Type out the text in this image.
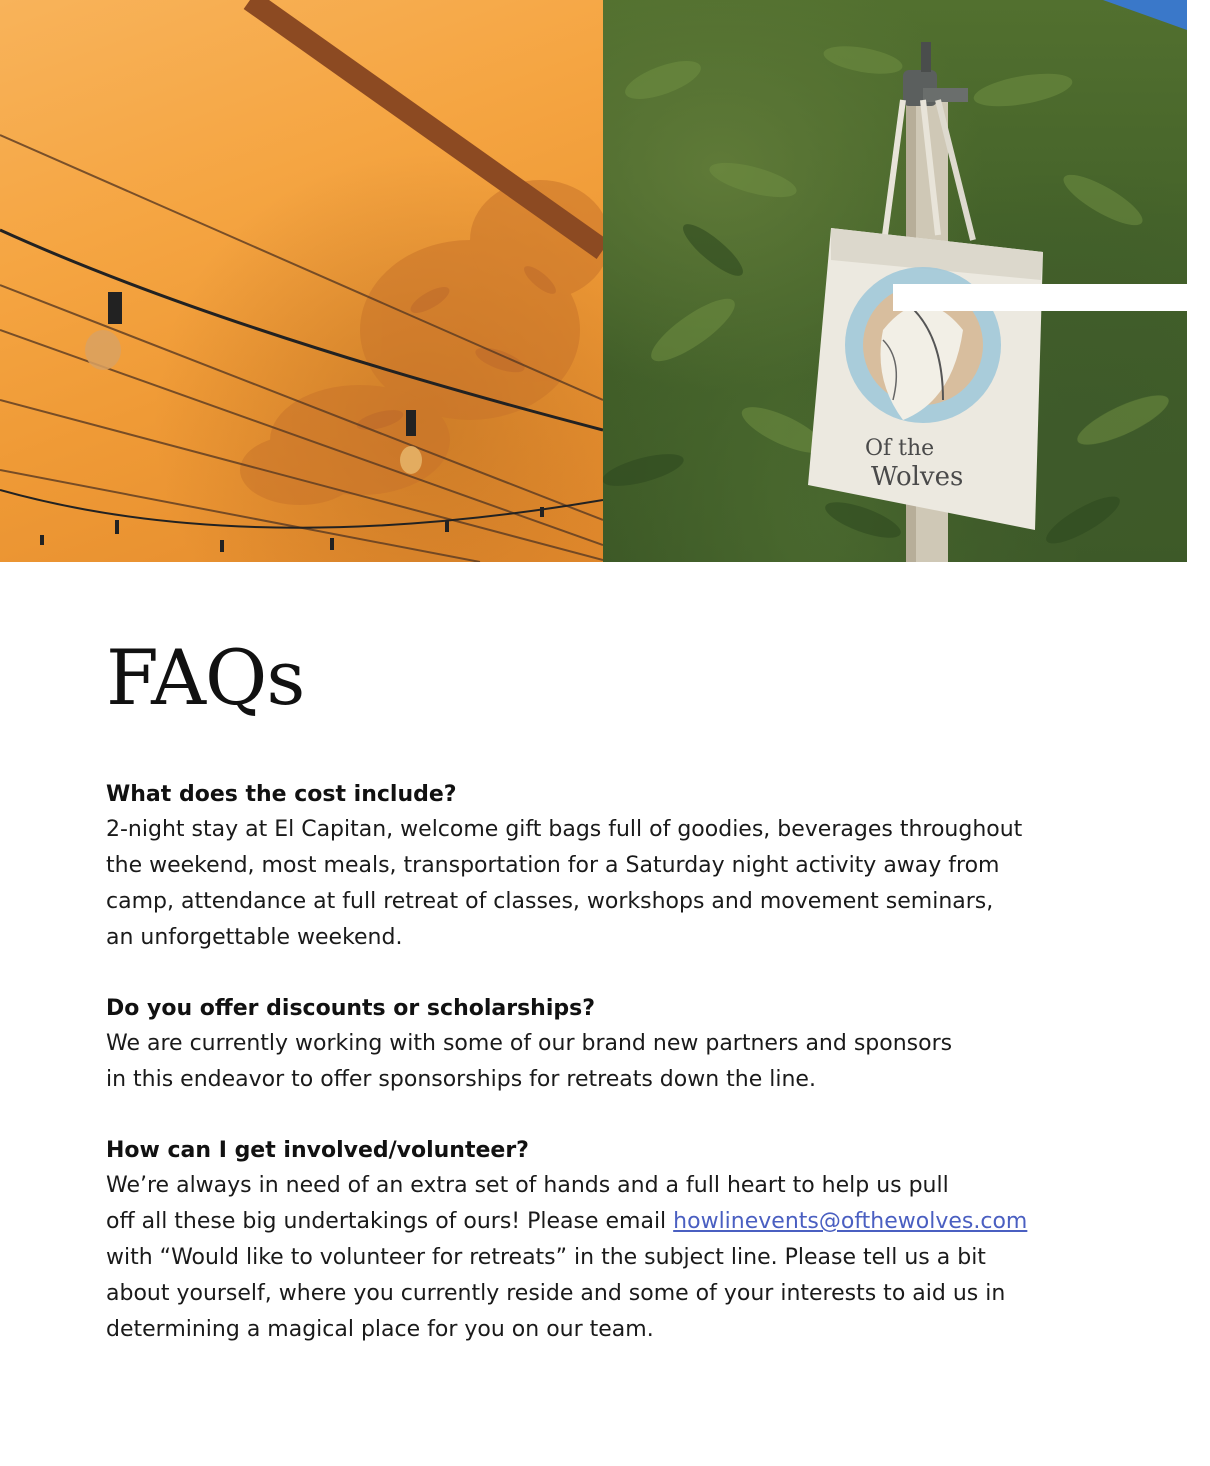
Of the
Wolves
FAQs

What does the cost include?

2-night stay at El Capitan, welcome gift bags full of goodies, beverages throughout
the weekend, most meals, transportation for a Saturday night activity away from
camp, attendance at full retreat of classes, workshops and movement seminars,
an unforgettable weekend.

Do you offer discounts or scholarships?

We are currently working with some of our brand new partners and sponsors
in this endeavor to offer sponsorships for retreats down the line.

How can I get involved/volunteer?

We’re always in need of an extra set of hands and a full heart to help us pull
off all these big undertakings of ours! Please email howlinevents@ofthewolves.com
with “Would like to volunteer for retreats” in the subject line. Please tell us a bit
about yourself, where you currently reside and some of your interests to aid us in
determining a magical place for you on our team.
